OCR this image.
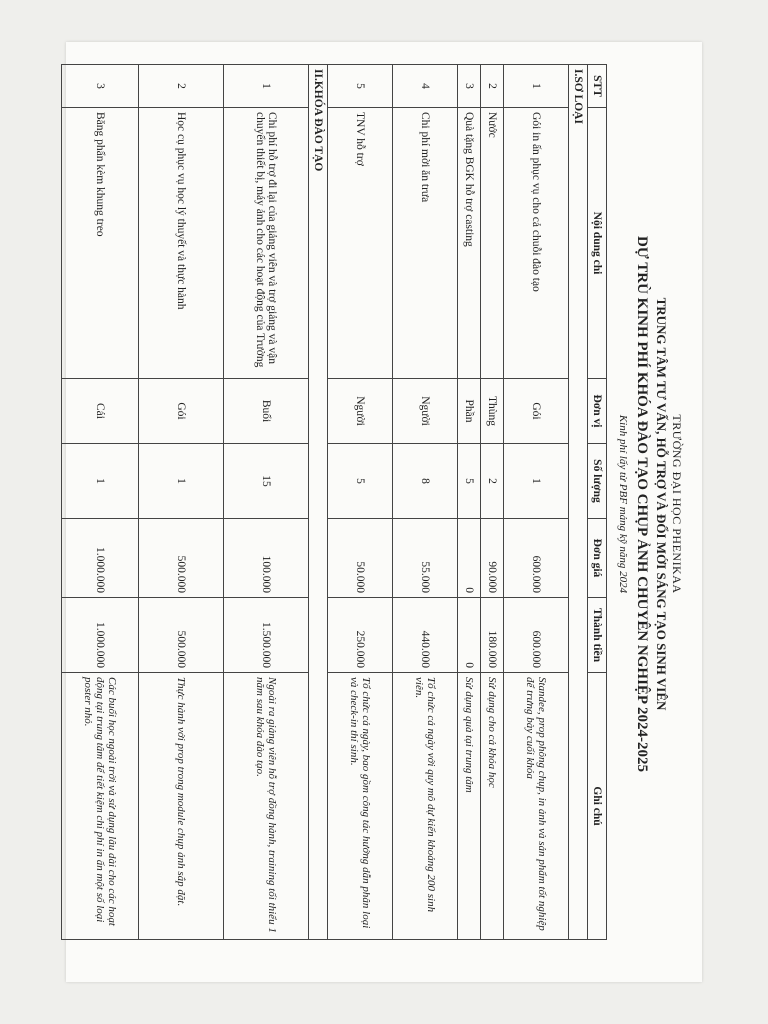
TRƯỜNG ĐẠI HỌC PHENIKAA
TRUNG TÂM TƯ VẤN, HỖ TRỢ VÀ ĐỔI MỚI SÁNG TẠO SINH VIÊN
DỰ TRÙ KINH PHÍ KHÓA ĐÀO TẠO CHỤP ẢNH CHUYÊN NGHIỆP 2024-2025
Kinh phí lấy từ PBF mảng kỹ năng 2024
STT	Nội dung chi	Đơn vị	Số lượng	Đơn giá	Thành tiền	Ghi chú
I.SƠ LOẠI						
1	Gói in ấn phục vụ cho cả chuỗi đào tạo	Gói	1	600.000	600.000	Standee, prop phông chụp, in ảnh và sản phẩm tốt nghiệp để trưng bày cuối khóa
2	Nước	Thùng	2	90.000	180.000	Sử dụng cho cả khóa học
3	Quà tặng BGK hỗ trợ casting	Phần	5	0	0	Sử dụng quà tại trung tâm
4	Chi phí mời ăn trưa	Người	8	55.000	440.000	Tổ chức cả ngày với quy mô dự kiến khoảng 200 sinh viên.
5	TNV hỗ trợ	Người	5	50.000	250.000	Tổ chức cả ngày, bao gồm công tác hướng dẫn phân loại và check-in thí sinh.
II.KHÓA ĐÀO TẠO						
1	Chi phí hỗ trợ đi lại của giảng viên và trợ giảng và vận chuyển thiết bị, máy ảnh cho các hoạt động của Trường	Buổi	15	100.000	1.500.000	Ngoài ra giảng viên hỗ trợ đồng hành, training tối thiểu 1 năm sau khóa đào tạo.
2	Học cụ phục vụ học lý thuyết và thực hành	Gói	1	500.000	500.000	Thực hành với prop trong module chụp ảnh sắp đặt.
3	Băng phẩn kèm khung treo	Cái	1	1.000.000	1.000.000	Các buổi học ngoài trời và sử dụng lâu dài cho các hoạt động tại trung tâm để tiết kiệm chi phí in ấn một số loại poster nhỏ.
